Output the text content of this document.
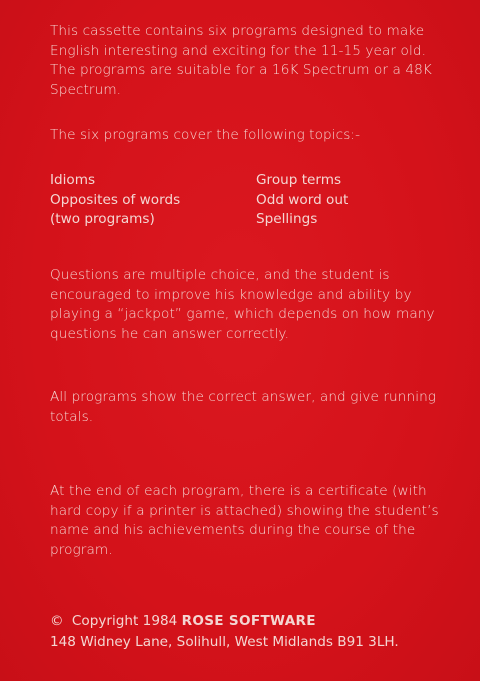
This cassette contains six programs designed to make

English interesting and exciting for the 11-15 year old.

The programs are suitable for a 16K Spectrum or a 48K

Spectrum.

The six programs cover the following topics:-

Idioms
Opposites of words
(two programs)
Group terms
Odd word out
Spellings

Questions are multiple choice, and the student is

encouraged to improve his knowledge and ability by

playing a “jackpot” game, which depends on how many

questions he can answer correctly.

All programs show the correct answer, and give running

totals.

At the end of each program, there is a certificate (with

hard copy if a printer is attached) showing the student’s

name and his achievements during the course of the

program.

© Copyright 1984 ROSE SOFTWARE
148 Widney Lane, Solihull, West Midlands B91 3LH.
